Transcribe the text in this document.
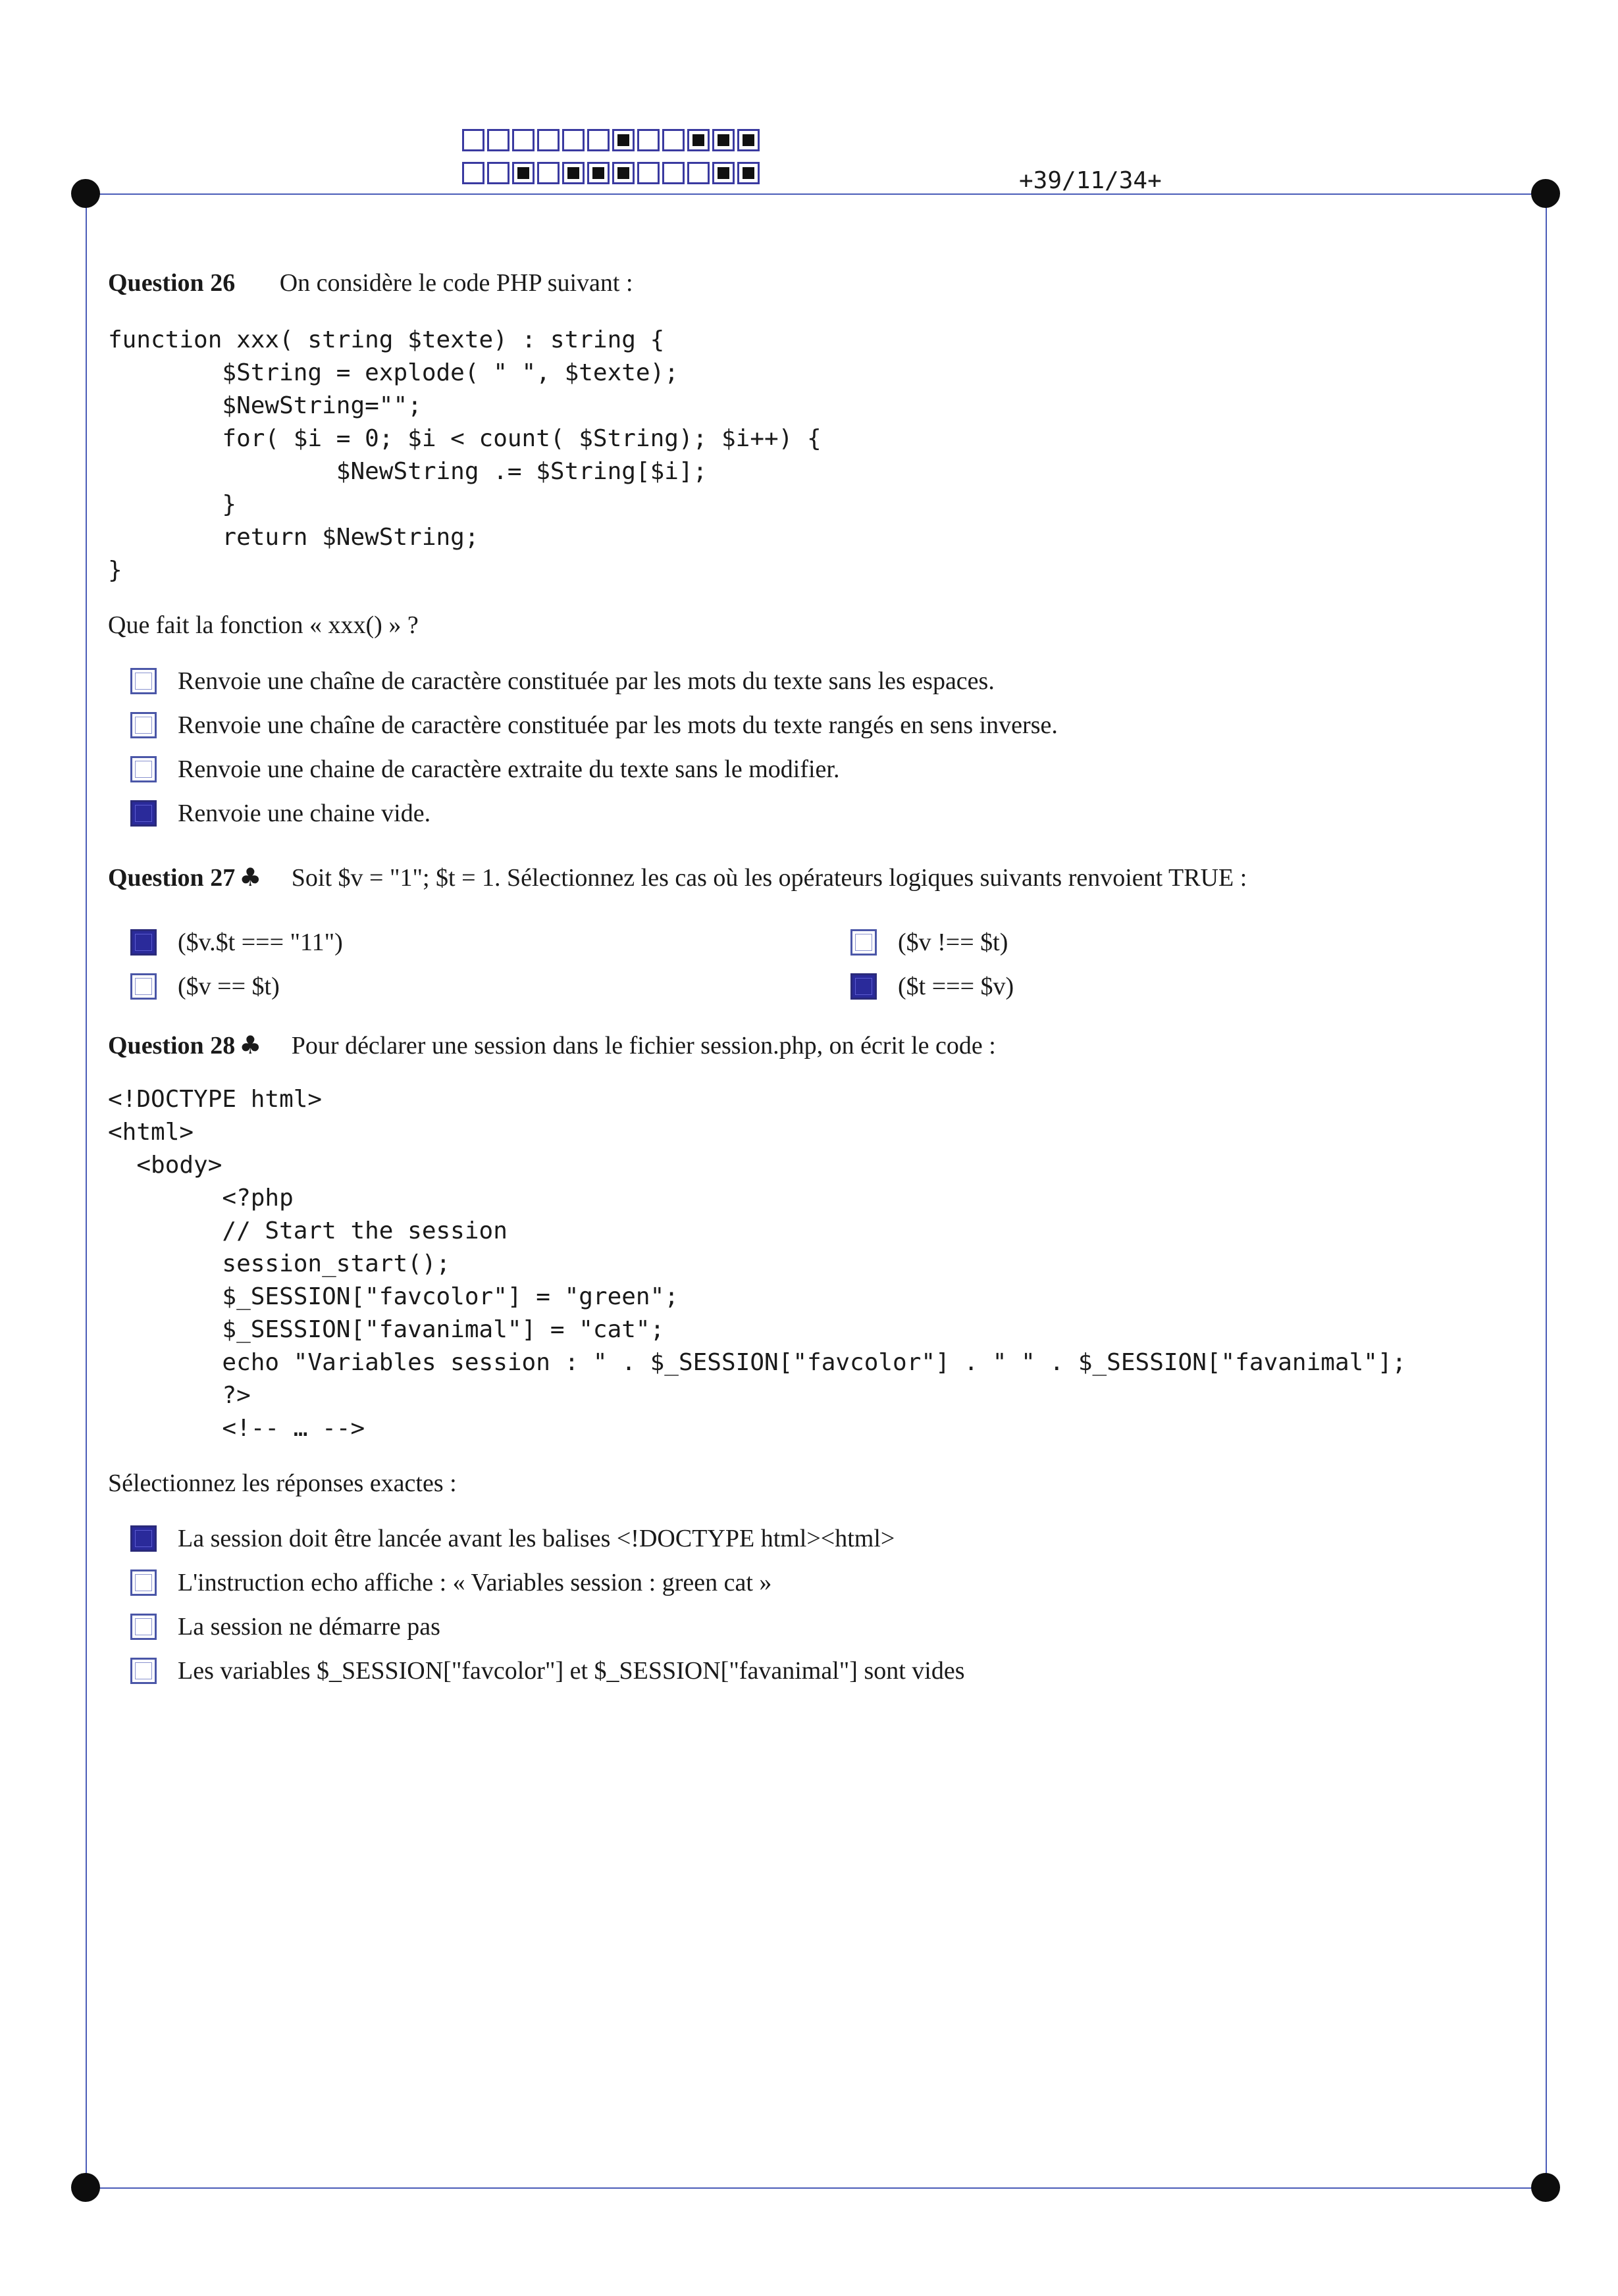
+39/11/34+
Question 26 On considère le code PHP suivant :
function xxx( string $texte) : string {
$String = explode( " ", $texte);
$NewString="";
for( $i = 0; $i < count( $String); $i++) {
$NewString .= $String[$i];
}
return $NewString;
}
Que fait la fonction « xxx() » ?
Renvoie une chaîne de caractère constituée par les mots du texte sans les espaces.
Renvoie une chaîne de caractère constituée par les mots du texte rangés en sens inverse.
Renvoie une chaine de caractère extraite du texte sans le modifier.
Renvoie une chaine vide.
Question 27 ♣ Soit $v = "1"; $t = 1. Sélectionnez les cas où les opérateurs logiques suivants renvoient TRUE :
($v.$t === "11")	($v !== $t)
($v == $t)	($t === $v)
Question 28 ♣ Pour déclarer une session dans le fichier session.php, on écrit le code :
<!DOCTYPE html>
<html>
<body>
<?php
// Start the session
session_start();
$_SESSION["favcolor"] = "green";
$_SESSION["favanimal"] = "cat";
echo "Variables session : " . $_SESSION["favcolor"] . " " . $_SESSION["favanimal"];
?>
<!-- … -->
Sélectionnez les réponses exactes :
La session doit être lancée avant les balises <!DOCTYPE html><html>
L'instruction echo affiche : « Variables session : green cat »
La session ne démarre pas
Les variables $_SESSION["favcolor"] et $_SESSION["favanimal"] sont vides
